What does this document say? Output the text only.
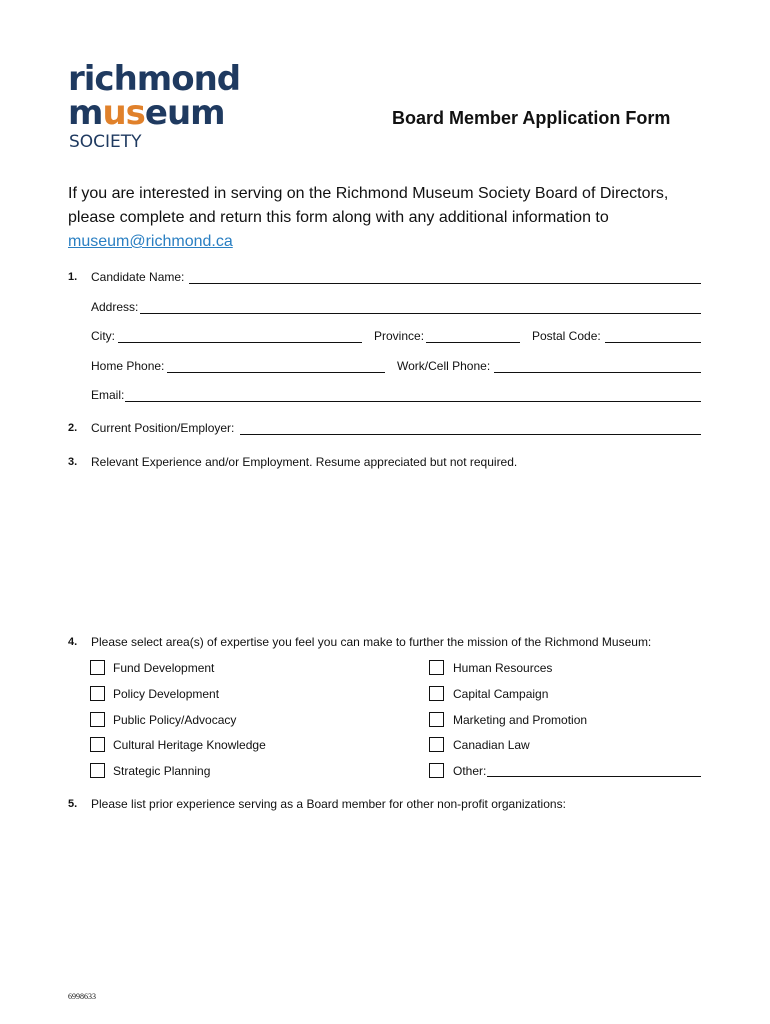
richmond
museum
SOCIETY
Board Member Application Form
If you are interested in serving on the Richmond Museum Society Board of Directors, please complete and return this form along with any additional information to
museum@richmond.ca
1. Candidate Name:
Address:
City:	Province:	Postal Code:
Home Phone:	Work/Cell Phone:
Email:
2. Current Position/Employer:
3. Relevant Experience and/or Employment. Resume appreciated but not required.
4. Please select area(s) of expertise you feel you can make to further the mission of the Richmond Museum:
Fund Development
Policy Development
Public Policy/Advocacy
Cultural Heritage Knowledge
Strategic Planning
Human Resources
Capital Campaign
Marketing and Promotion
Canadian Law
Other:
5. Please list prior experience serving as a Board member for other non-profit organizations:
6998633
